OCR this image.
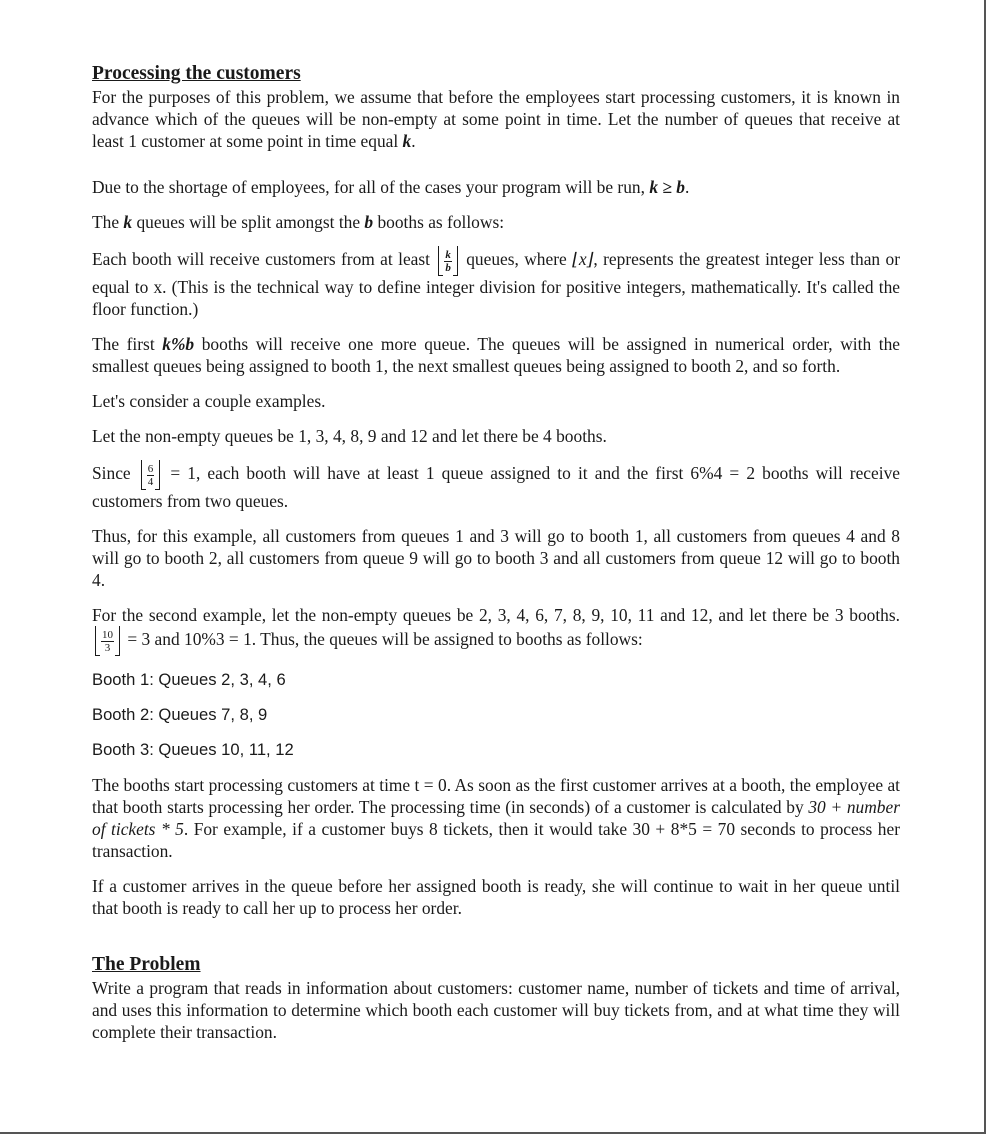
Processing the customers

For the purposes of this problem, we assume that before the employees start processing customers, it is known in advance which of the queues will be non-empty at some point in time. Let the number of queues that receive at least 1 customer at some point in time equal k.

Due to the shortage of employees, for all of the cases your program will be run, k ≥ b.

The k queues will be split amongst the b booths as follows:

Each booth will receive customers from at least $\frac{k}{b}$ queues, where ⌊x⌋, represents the greatest integer less than or equal to x. (This is the technical way to define integer division for positive integers, mathematically. It's called the floor function.)

The first k%b booths will receive one more queue. The queues will be assigned in numerical order, with the smallest queues being assigned to booth 1, the next smallest queues being assigned to booth 2, and so forth.

Let's consider a couple examples.

Let the non-empty queues be 1, 3, 4, 8, 9 and 12 and let there be 4 booths.

Since $\frac{6}{4} = 1$, each booth will have at least 1 queue assigned to it and the first 6%4 = 2 booths will receive customers from two queues.

Thus, for this example, all customers from queues 1 and 3 will go to booth 1, all customers from queues 4 and 8 will go to booth 2, all customers from queue 9 will go to booth 3 and all customers from queue 12 will go to booth 4.

For the second example, let the non-empty queues be 2, 3, 4, 6, 7, 8, 9, 10, 11 and 12, and let there be 3 booths.
$\frac{10}{3} = 3$ and 10%3 = 1. Thus, the queues will be assigned to booths as follows:

Booth 1: Queues 2, 3, 4, 6

Booth 2: Queues 7, 8, 9

Booth 3: Queues 10, 11, 12

The booths start processing customers at time t = 0. As soon as the first customer arrives at a booth, the employee at that booth starts processing her order. The processing time (in seconds) of a customer is calculated by 30 + number of tickets * 5. For example, if a customer buys 8 tickets, then it would take 30 + 8*5 = 70 seconds to process her transaction.

If a customer arrives in the queue before her assigned booth is ready, she will continue to wait in her queue until that booth is ready to call her up to process her order.

The Problem

Write a program that reads in information about customers: customer name, number of tickets and time of arrival, and uses this information to determine which booth each customer will buy tickets from, and at what time they will complete their transaction.
